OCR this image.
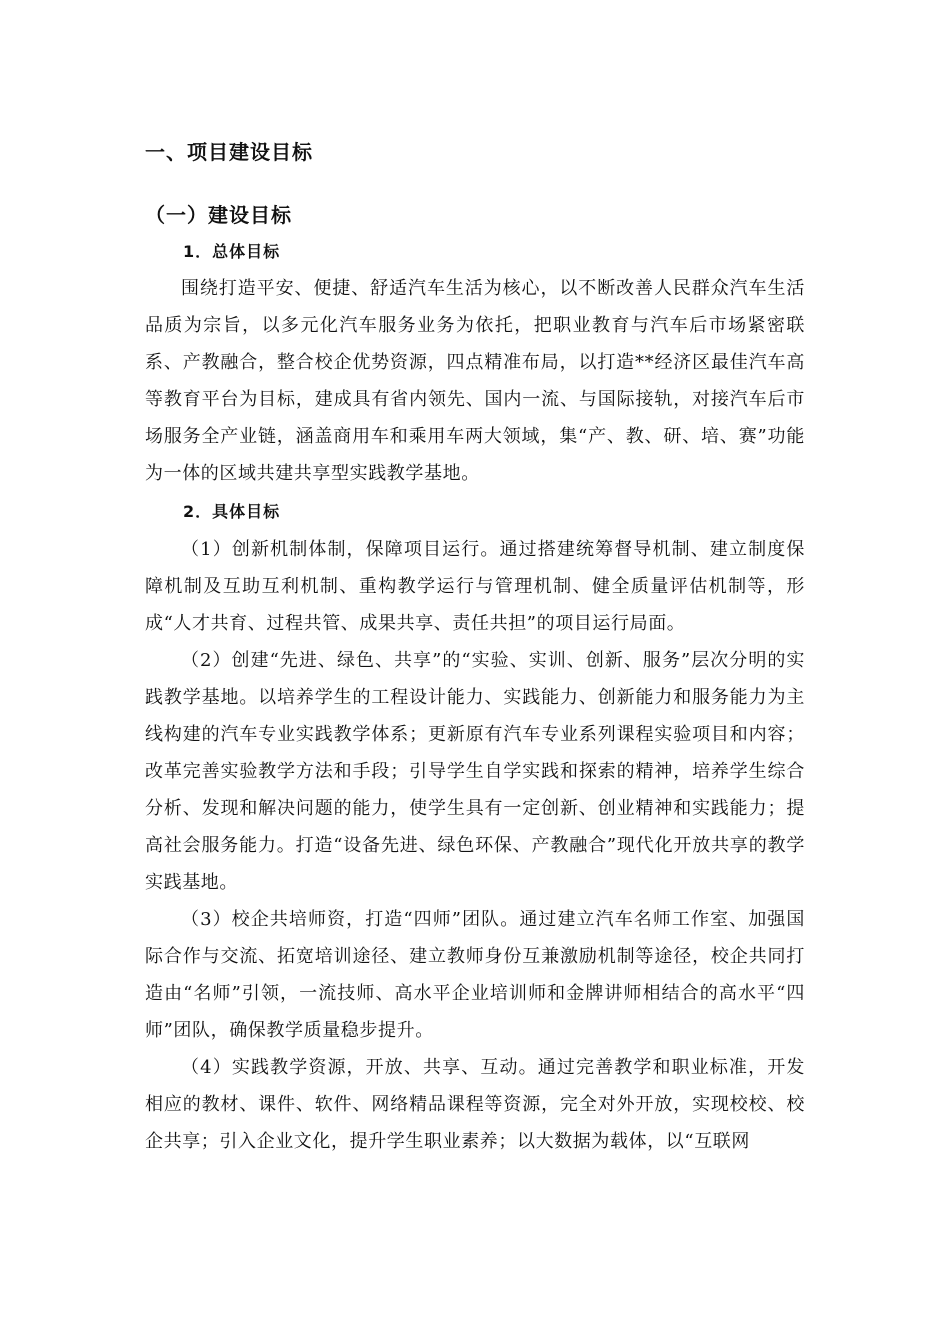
一、项目建设目标
（一）建设目标
1．总体目标

围绕打造平安、便捷、舒适汽车生活为核心，以不断改善人民群众汽车生活品质为宗旨，以多元化汽车服务业务为依托，把职业教育与汽车后市场紧密联系、产教融合，整合校企优势资源，四点精准布局，以打造**经济区最佳汽车高等教育平台为目标，建成具有省内领先、国内一流、与国际接轨，对接汽车后市场服务全产业链，涵盖商用车和乘用车两大领域，集“产、教、研、培、赛”功能为一体的区域共建共享型实践教学基地。

2．具体目标

（1）创新机制体制，保障项目运行。通过搭建统筹督导机制、建立制度保障机制及互助互利机制、重构教学运行与管理机制、健全质量评估机制等，形成“人才共育、过程共管、成果共享、责任共担”的项目运行局面。

（2）创建“先进、绿色、共享”的“实验、实训、创新、服务”层次分明的实践教学基地。以培养学生的工程设计能力、实践能力、创新能力和服务能力为主线构建的汽车专业实践教学体系；更新原有汽车专业系列课程实验项目和内容；改革完善实验教学方法和手段；引导学生自学实践和探索的精神，培养学生综合分析、发现和解决问题的能力，使学生具有一定创新、创业精神和实践能力；提高社会服务能力。打造“设备先进、绿色环保、产教融合”现代化开放共享的教学实践基地。

（3）校企共培师资，打造“四师”团队。通过建立汽车名师工作室、加强国际合作与交流、拓宽培训途径、建立教师身份互兼激励机制等途径，校企共同打造由“名师”引领，一流技师、高水平企业培训师和金牌讲师相结合的高水平“四师”团队，确保教学质量稳步提升。

（4）实践教学资源，开放、共享、互动。通过完善教学和职业标准，开发相应的教材、课件、软件、网络精品课程等资源，完全对外开放，实现校校、校企共享；引入企业文化，提升学生职业素养；以大数据为载体，以“互联网
